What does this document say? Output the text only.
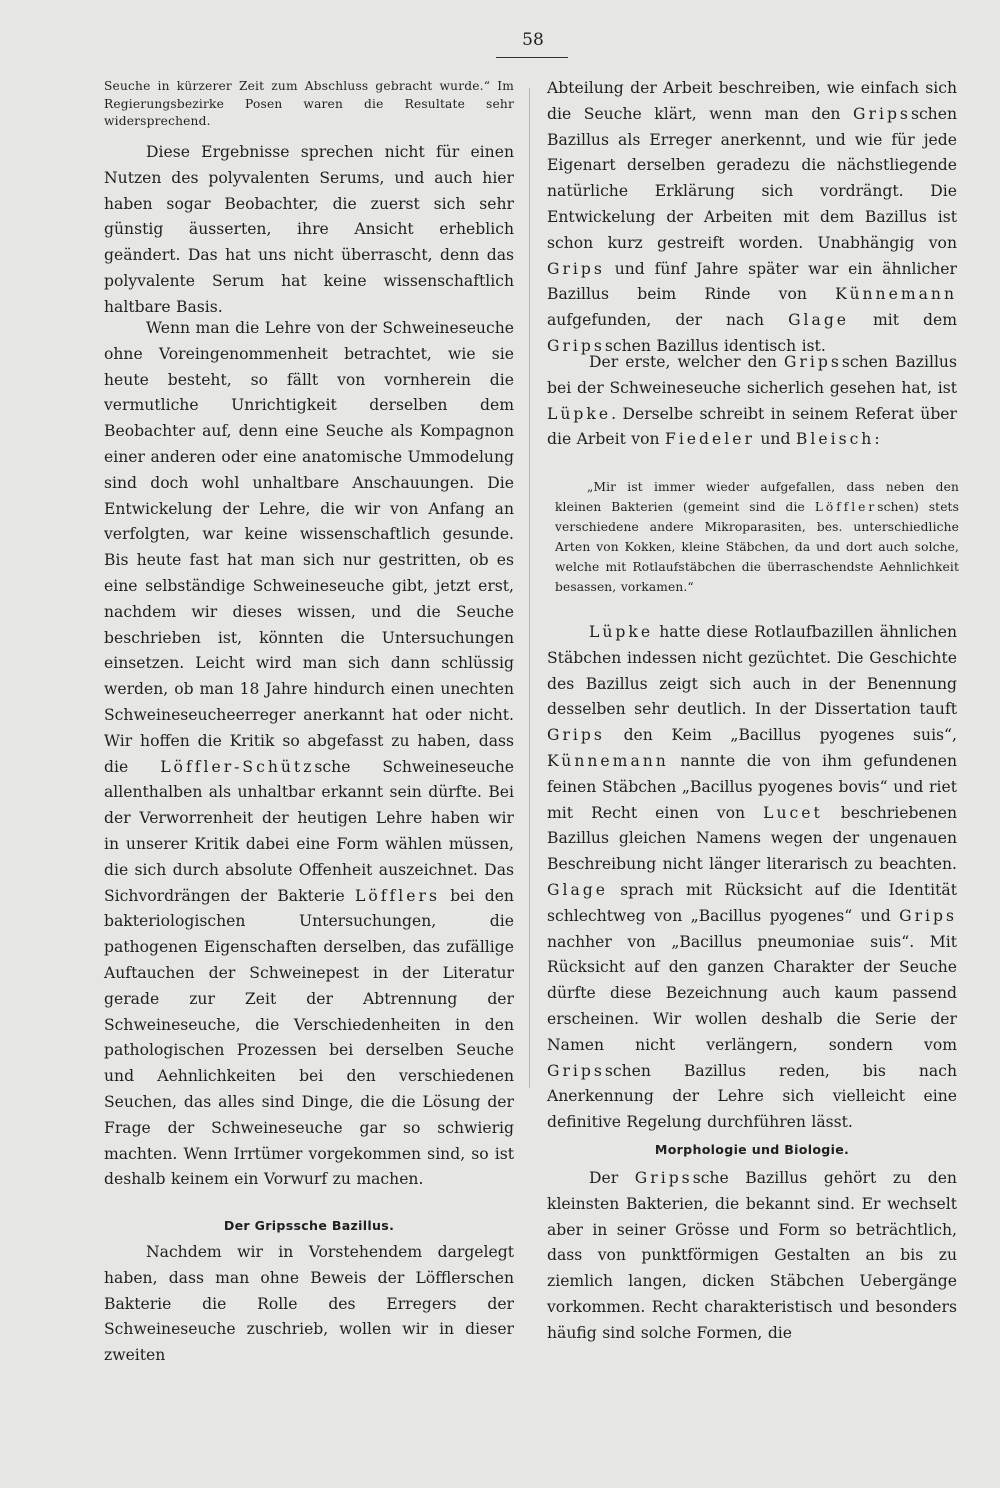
58

Seuche in kürzerer Zeit zum Abschluss gebracht wurde.“ Im Regierungsbezirke Posen waren die Resultate sehr widersprechend.

Diese Ergebnisse sprechen nicht für einen Nutzen des polyvalenten Serums, und auch hier haben sogar Beobachter, die zuerst sich sehr günstig äusserten, ihre Ansicht erheblich geändert. Das hat uns nicht überrascht, denn das polyvalente Serum hat keine wissenschaftlich haltbare Basis.

Wenn man die Lehre von der Schweineseuche ohne Voreingenommenheit betrachtet, wie sie heute besteht, so fällt von vornherein die vermutliche Unrichtigkeit derselben dem Beobachter auf, denn eine Seuche als Kompagnon einer anderen oder eine anatomische Ummodelung sind doch wohl unhaltbare Anschauungen. Die Entwickelung der Lehre, die wir von Anfang an verfolgten, war keine wissenschaftlich gesunde. Bis heute fast hat man sich nur gestritten, ob es eine selbständige Schweineseuche gibt, jetzt erst, nachdem wir dieses wissen, und die Seuche beschrieben ist, könnten die Untersuchungen einsetzen. Leicht wird man sich dann schlüssig werden, ob man 18 Jahre hindurch einen unechten Schweineseucheerreger anerkannt hat oder nicht. Wir hoffen die Kritik so abgefasst zu haben, dass die Löffler-Schützsche Schweineseuche allenthalben als unhaltbar erkannt sein dürfte. Bei der Verworrenheit der heutigen Lehre haben wir in unserer Kritik dabei eine Form wählen müssen, die sich durch absolute Offenheit auszeichnet. Das Sichvordrängen der Bakterie Löfflers bei den bakteriologischen Untersuchungen, die pathogenen Eigenschaften derselben, das zufällige Auftauchen der Schweinepest in der Literatur gerade zur Zeit der Abtrennung der Schweineseuche, die Verschiedenheiten in den pathologischen Prozessen bei derselben Seuche und Aehnlichkeiten bei den verschiedenen Seuchen, das alles sind Dinge, die die Lösung der Frage der Schweineseuche gar so schwierig machten. Wenn Irrtümer vorgekommen sind, so ist deshalb keinem ein Vorwurf zu machen.

Der Gripssche Bazillus.

Nachdem wir in Vorstehendem dargelegt haben, dass man ohne Beweis der Löfflerschen Bakterie die Rolle des Erregers der Schweineseuche zuschrieb, wollen wir in dieser zweiten

Abteilung der Arbeit beschreiben, wie einfach sich die Seuche klärt, wenn man den Gripsschen Bazillus als Erreger anerkennt, und wie für jede Eigenart derselben geradezu die nächstliegende natürliche Erklärung sich vordrängt. Die Entwickelung der Arbeiten mit dem Bazillus ist schon kurz gestreift worden. Unabhängig von Grips und fünf Jahre später war ein ähnlicher Bazillus beim Rinde von Künnemann aufgefunden, der nach Glage mit dem Gripsschen Bazillus identisch ist.

Der erste, welcher den Gripsschen Bazillus bei der Schweineseuche sicherlich gesehen hat, ist Lüpke. Derselbe schreibt in seinem Referat über die Arbeit von Fiedeler und Bleisch:

„Mir ist immer wieder aufgefallen, dass neben den kleinen Bakterien (gemeint sind die Löfflerschen) stets verschiedene andere Mikroparasiten, bes. unterschiedliche Arten von Kokken, kleine Stäbchen, da und dort auch solche, welche mit Rotlaufstäbchen die überraschendste Aehnlichkeit besassen, vorkamen.“

Lüpke hatte diese Rotlaufbazillen ähnlichen Stäbchen indessen nicht gezüchtet. Die Geschichte des Bazillus zeigt sich auch in der Benennung desselben sehr deutlich. In der Dissertation tauft Grips den Keim „Bacillus pyogenes suis“, Künnemann nannte die von ihm gefundenen feinen Stäbchen „Bacillus pyogenes bovis“ und riet mit Recht einen von Lucet beschriebenen Bazillus gleichen Namens wegen der ungenauen Beschreibung nicht länger literarisch zu beachten. Glage sprach mit Rücksicht auf die Identität schlechtweg von „Bacillus pyogenes“ und Grips nachher von „Bacillus pneumoniae suis“. Mit Rücksicht auf den ganzen Charakter der Seuche dürfte diese Bezeichnung auch kaum passend erscheinen. Wir wollen deshalb die Serie der Namen nicht verlängern, sondern vom Gripsschen Bazillus reden, bis nach Anerkennung der Lehre sich vielleicht eine definitive Regelung durchführen lässt.

Morphologie und Biologie.

Der Gripssche Bazillus gehört zu den kleinsten Bakterien, die bekannt sind. Er wechselt aber in seiner Grösse und Form so beträchtlich, dass von punktförmigen Gestalten an bis zu ziemlich langen, dicken Stäbchen Uebergänge vorkommen. Recht charakteristisch und besonders häufig sind solche Formen, die
